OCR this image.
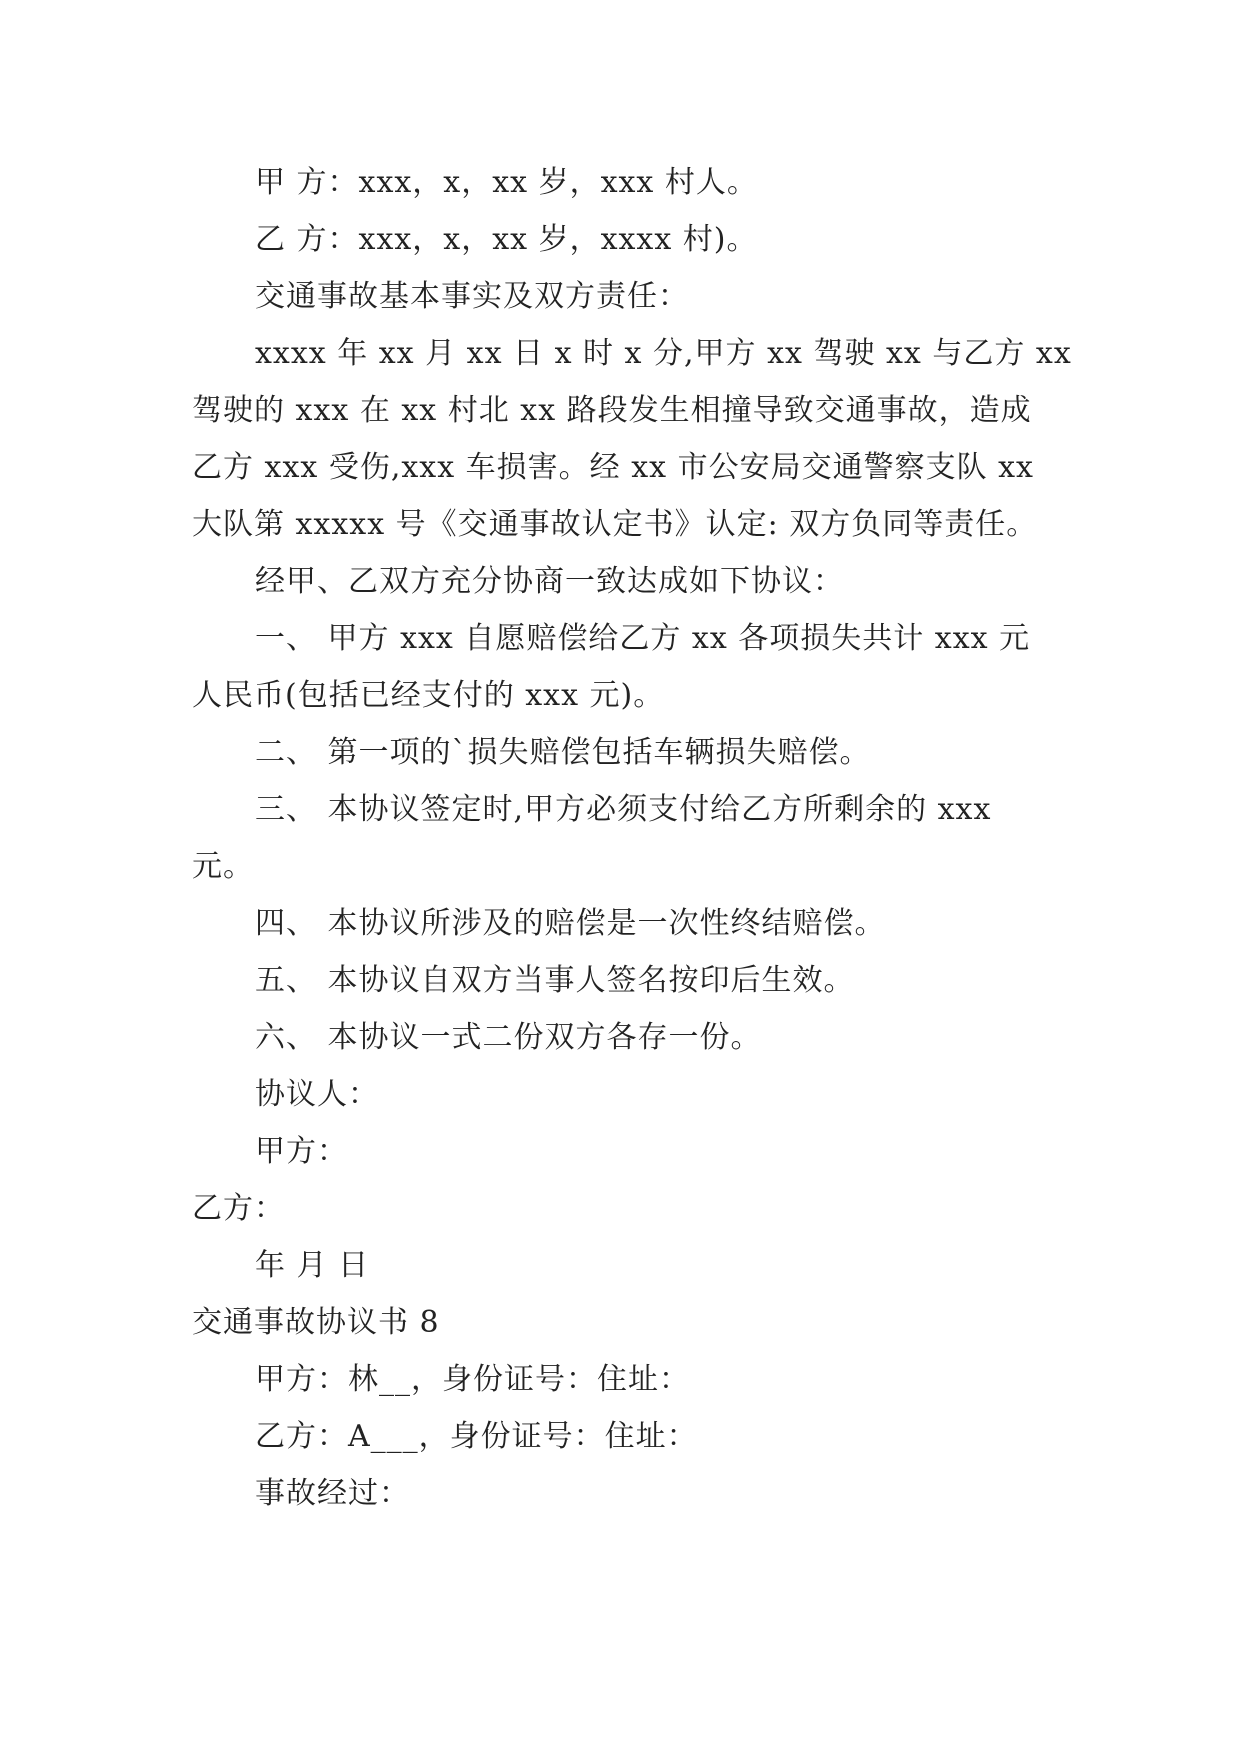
甲 方：xxx，x，xx 岁，xxx 村人。
乙 方：xxx，x，xx 岁，xxxx 村)。
交通事故基本事实及双方责任：
xxxx 年 xx 月 xx 日 x 时 x 分,甲方 xx 驾驶 xx 与乙方 xx
驾驶的 xxx 在 xx 村北 xx 路段发生相撞导致交通事故，造成
乙方 xxx 受伤,xxx 车损害。经 xx 市公安局交通警察支队 xx
大队第 xxxxx 号《交通事故认定书》认定: 双方负同等责任。
经甲、乙双方充分协商一致达成如下协议：
一、 甲方 xxx 自愿赔偿给乙方 xx 各项损失共计 xxx 元
人民币(包括已经支付的 xxx 元)。
二、 第一项的`损失赔偿包括车辆损失赔偿。
三、 本协议签定时,甲方必须支付给乙方所剩余的 xxx
元。
四、 本协议所涉及的赔偿是一次性终结赔偿。
五、 本协议自双方当事人签名按印后生效。
六、 本协议一式二份双方各存一份。
协议人：
甲方：
乙方：
年 月 日
交通事故协议书 8
甲方：林__，身份证号：住址：
乙方：A___，身份证号：住址：
事故经过：
